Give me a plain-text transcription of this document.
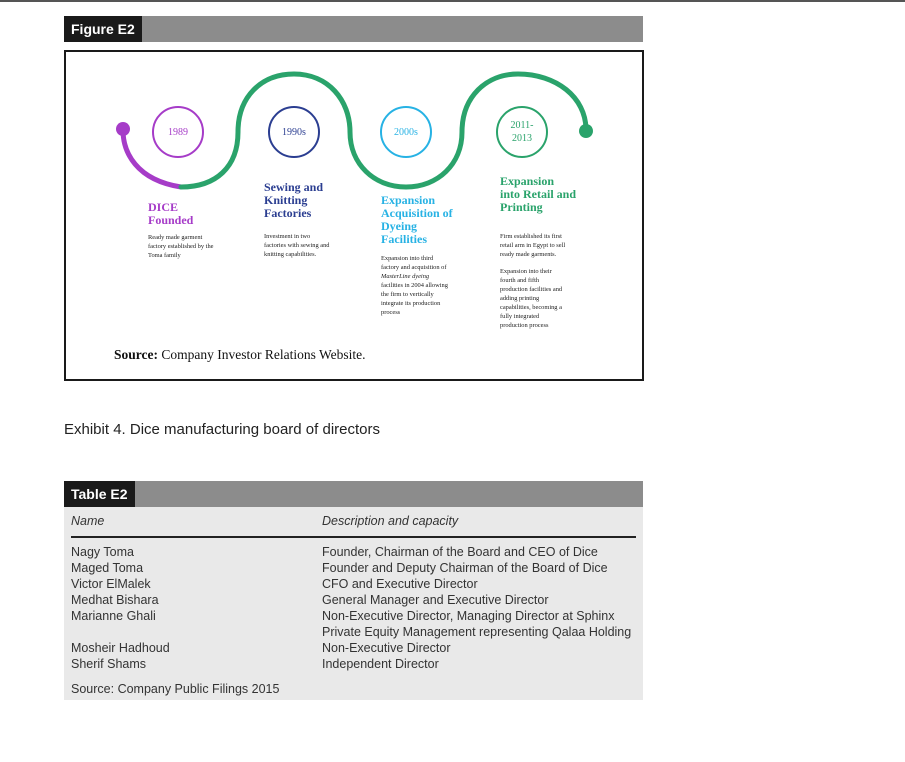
Figure E2
1989	1990s	2000s
2011-
2013
DICE
Founded
Ready made garment
factory established by the
Toma family
Sewing and
Knitting
Factories
Investment in two
factories with sewing and
knitting capabilities.
Expansion
Acquisition of
Dyeing
Facilities
Expansion into third
factory and acquisition of
MasterLine dyeing
facilities in 2004 allowing
the firm to vertically
integrate its production
process
Expansion
into Retail and
Printing
Firm established its first
retail arm in Egypt to sell
ready made garments.
Expansion into their
fourth and fifth
production facilities and
adding printing
capabilities, becoming a
fully integrated
production process
Source: Company Investor Relations Website.
Exhibit 4. Dice manufacturing board of directors
Table E2
Name	Description and capacity
Nagy Toma	Founder, Chairman of the Board and CEO of Dice
Maged Toma	Founder and Deputy Chairman of the Board of Dice
Victor ElMalek	CFO and Executive Director
Medhat Bishara	General Manager and Executive Director
Marianne Ghali	Non-Executive Director, Managing Director at Sphinx
Private Equity Management representing Qalaa Holding
Mosheir Hadhoud	Non-Executive Director
Sherif Shams	Independent Director
Source: Company Public Filings 2015
